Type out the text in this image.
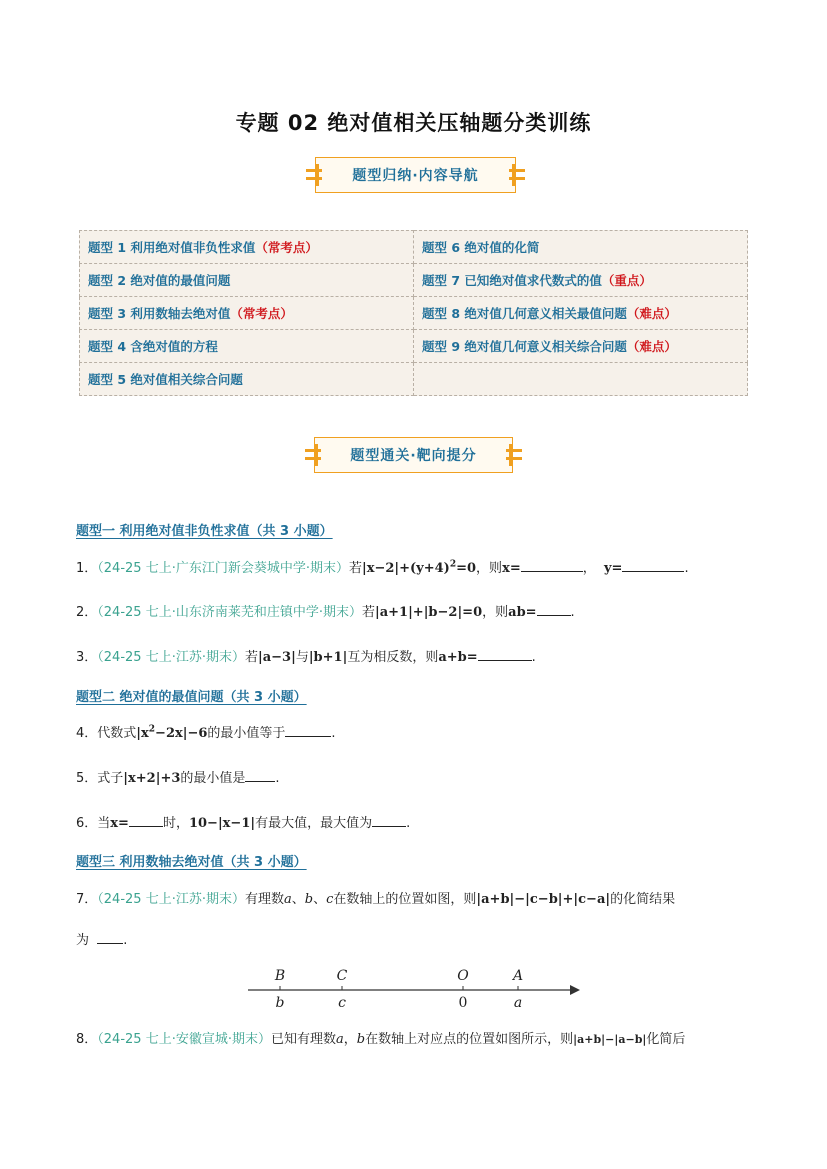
专题 02 绝对值相关压轴题分类训练
题型归纳·内容导航
题型 1 利用绝对值非负性求值（常考点）	题型 6 绝对值的化简
题型 2 绝对值的最值问题	题型 7 已知绝对值求代数式的值（重点）
题型 3 利用数轴去绝对值（常考点）	题型 8 绝对值几何意义相关最值问题（难点）
题型 4 含绝对值的方程	题型 9 绝对值几何意义相关综合问题（难点）
题型 5 绝对值相关综合问题	
题型通关·靶向提分
题型一 利用绝对值非负性求值（共 3 小题）
1．（24-25 七上·广东江门新会葵城中学·期末）若$|x-2|+(y+4)^2=0$，则x=	， y=	.
2．（24-25 七上·山东济南莱芜和庄镇中学·期末）若|a+1|+|b−2|=0，则ab=	.
3．（24-25 七上·江苏·期末）若|a−3|与|b+1|互为相反数，则a+b=	.
题型二 绝对值的最值问题（共 3 小题）
4．代数式$|x^2-2x|-6$的最小值等于	.
5．式子|x+2|+3的最小值是 .
6．当x=	时，10−|x−1|有最大值，最大值为	.
题型三 利用数轴去绝对值（共 3 小题）
7．（24-25 七上·江苏·期末）有理数a、b、c在数轴上的位置如图，则|a+b|−|c−b|+|c−a|的化简结果
为	.
B
b
C
c
O
0
A
a
8．（24-25 七上·安徽宣城·期末）已知有理数a，b在数轴上对应点的位置如图所示，则|a+b|−|a−b|化简后
